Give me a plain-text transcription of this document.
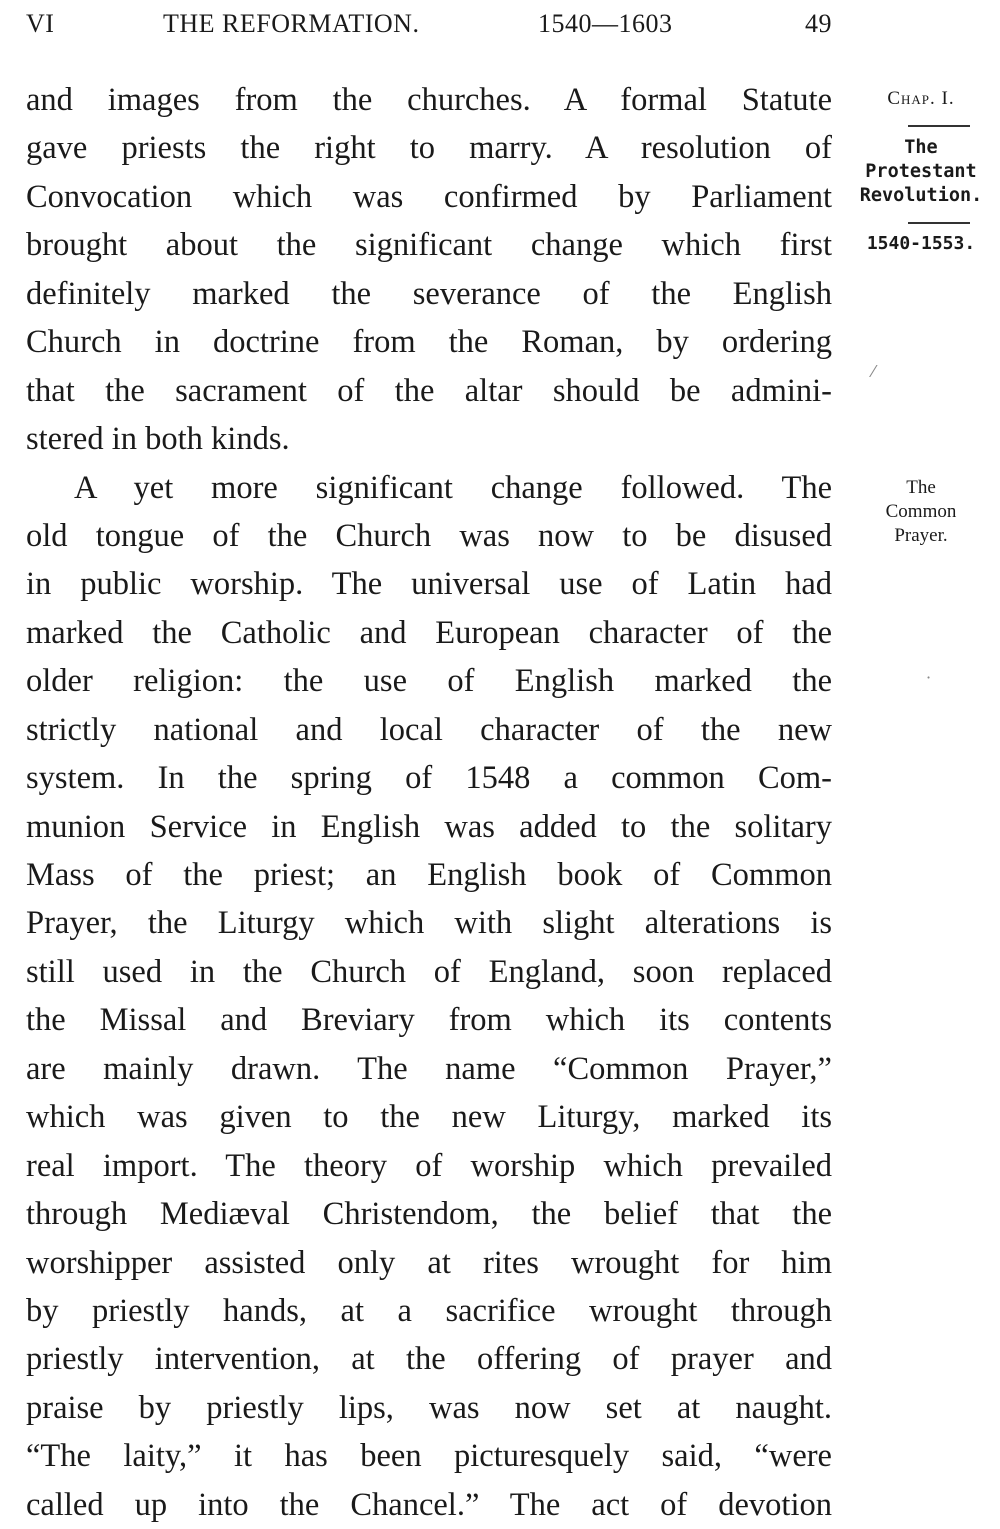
VI	THE REFORMATION.	1540—1603	49
and images from the churches. A formal Statute
gave priests the right to marry. A resolution of
Convocation which was confirmed by Parliament
brought about the significant change which first
definitely marked the severance of the English
Church in doctrine from the Roman, by ordering
that the sacrament of the altar should be admini-
stered in both kinds.
A yet more significant change followed. The
old tongue of the Church was now to be disused
in public worship. The universal use of Latin had
marked the Catholic and European character of the
older religion: the use of English marked the
strictly national and local character of the new
system. In the spring of 1548 a common Com-
munion Service in English was added to the solitary
Mass of the priest; an English book of Common
Prayer, the Liturgy which with slight alterations is
still used in the Church of England, soon replaced
the Missal and Breviary from which its contents
are mainly drawn. The name “Common Prayer,”
which was given to the new Liturgy, marked its
real import. The theory of worship which prevailed
through Mediæval Christendom, the belief that the
worshipper assisted only at rites wrought for him
by priestly hands, at a sacrifice wrought through
priestly intervention, at the offering of prayer and
praise by priestly lips, was now set at naught.
“The laity,” it has been picturesquely said, “were
called up into the Chancel.” The act of devotion
Chap. I.
The
Protestant
Revolution.
1540-1553.
The
Common
Prayer.
⁄
·
